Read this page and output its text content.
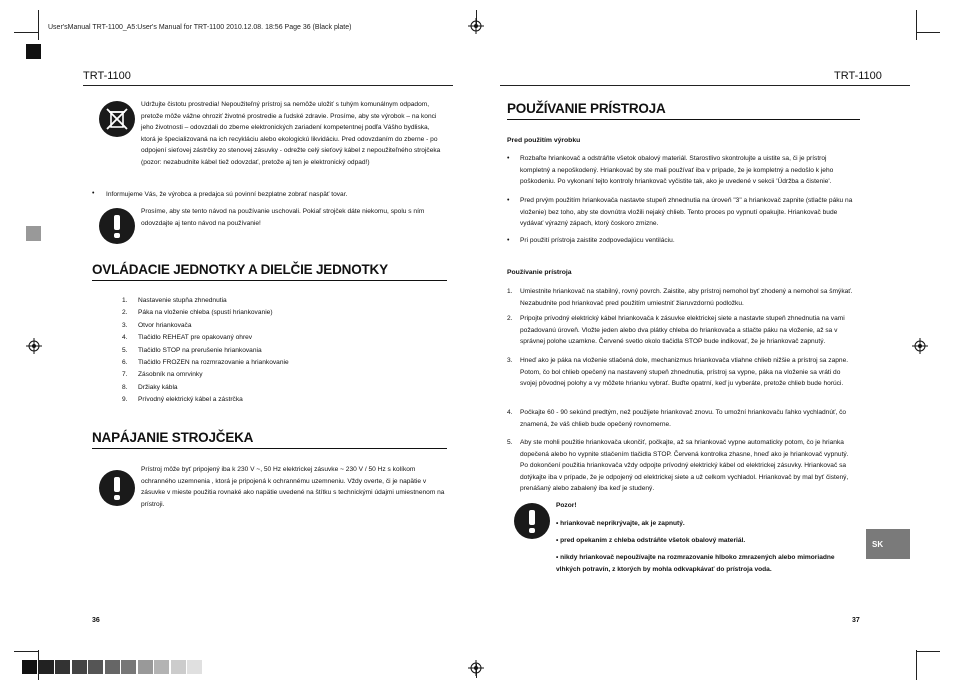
User'sManual TRT-1100_A5:User's Manual for TRT-1100 2010.12.08. 18:56 Page 36 (Black plate)
TRT-1100	TRT-1100
Udržujte čistotu prostredia! Nepoužiteľný prístroj sa nemôže uložiť s tuhým komunálnym odpadom, pretože môže vážne ohroziť životné prostredie a ľudské zdravie. Prosíme, aby ste výrobok – na konci jeho životnosti – odovzdali do zberne elektronických zariadení kompetentnej podľa Vášho bydliska, ktorá je špecializovaná na ich recykláciu alebo ekologickú likvidáciu. Pred odovzdaním do zberne - po odpojení sieťovej zástrčky zo stenovej zásuvky - odrežte celý sieťový kábel z nepoužiteľného strojčeka (pozor: nezabudnite kábel tiež odovzdať, pretože aj ten je elektronický odpad!)
• Informujeme Vás, že výrobca a predajca sú povinní bezplatne zobrať naspäť tovar.
Prosíme, aby ste tento návod na používanie uschovali. Pokiaľ strojček dáte niekomu, spolu s ním odovzdajte aj tento návod na používanie!
OVLÁDACIE JEDNOTKY A DIELČIE JEDNOTKY
1.	Nastavenie stupňa zhnednutia
2.	Páka na vloženie chleba (spustí hriankovanie)
3.	Otvor hriankovača
4.	Tlačidlo REHEAT pre opakovaný ohrev
5.	Tlačidlo STOP na prerušenie hriankovania
6.	Tlačidlo FROZEN na rozmrazovanie a hriankovanie
7.	Zásobník na omrvinky
8.	Držiaky kábla
9.	Prívodný elektrický kábel a zástrčka
NAPÁJANIE STROJČEKA
Prístroj môže byť pripojený iba k 230 V ~, 50 Hz elektrickej zásuvke ~ 230 V / 50 Hz s kolíkom ochranného uzemnenia , ktorá je pripojená k ochrannému uzemneniu. Vždy overte, či je napätie v zásuvke v mieste použitia rovnaké ako napätie uvedené na štítku s technickými údajmi umiestnenom na prístroji.
36
POUŽÍVANIE PRÍSTROJA
Pred použitím výrobku
• Rozbaľte hriankovač a odstráňte všetok obalový materiál. Starostlivo skontrolujte a uistite sa, či je prístroj kompletný a nepoškodený. Hriankovač by ste mali používať iba v prípade, že je kompletný a nedošlo k jeho poškodeniu. Po vykonaní tejto kontroly hriankovač vyčistite tak, ako je uvedené v sekcii 'Údržba a čistenie'.
• Pred prvým použitím hriankovača nastavte stupeň zhnednutia na úroveň "3" a hriankovač zapnite (stlačte páku na vloženie) bez toho, aby ste dovnútra vložili nejaký chlieb. Tento proces po vypnutí opakujte. Hriankovač bude vydávať výrazný zápach, ktorý čoskoro zmizne.
• Pri použití prístroja zaistite zodpovedajúcu ventiláciu.
Používanie prístroja
1. Umiestnite hriankovač na stabilný, rovný povrch. Zaistite, aby prístroj nemohol byť zhodený a nemohol sa šmýkať. Nezabudnite pod hriankovač pred použitím umiestniť žiaruvzdornú podložku.
2. Pripojte prívodný elektrický kábel hriankovača k zásuvke elektrickej siete a nastavte stupeň zhnednutia na vami požadovanú úroveň. Vložte jeden alebo dva plátky chleba do hriankovača a stlačte páku na vloženie, až sa v správnej polohe uzamkne. Červené svetlo okolo tlačidla STOP bude indikovať, že je hriankovač zapnutý.
3. Hneď ako je páka na vloženie stlačená dole, mechanizmus hriankovača vtiahne chlieb nižšie a prístroj sa zapne. Potom, čo bol chlieb opečený na nastavený stupeň zhnednutia, prístroj sa vypne, páka na vloženie sa vráti do svojej pôvodnej polohy a vy môžete hrianku vybrať. Buďte opatrní, keď ju vyberáte, pretože chlieb bude horúci.
4. Počkajte 60 - 90 sekúnd predtým, než použijete hriankovač znovu. To umožní hriankovaču ľahko vychladnúť, čo znamená, že váš chlieb bude opečený rovnomerne.
5. Aby ste mohli použitie hriankovača ukončiť, počkajte, až sa hriankovač vypne automaticky potom, čo je hrianka dopečená alebo ho vypnite stlačením tlačidla STOP. Červená kontrolka zhasne, hneď ako je hriankovač vypnutý. Po dokončení použitia hriankovača vždy odpojte prívodný elektrický kábel od elektrickej zásuvky. Hriankovač sa dotýkajte iba v prípade, že je odpojený od elektrickej siete a už celkom vychladol. Hriankovač by mal byť čistený, prenášaný alebo zabalený iba keď je studený.
Pozor!
• hriankovač neprikrývajte, ak je zapnutý.
• pred opekaním z chleba odstráňte všetok obalový materiál.
• nikdy hriankovač nepoužívajte na rozmrazovanie hlboko zmrazených alebo mimoriadne vlhkých potravín, z ktorých by mohla odkvapkávať do prístroja voda.
SK
37
